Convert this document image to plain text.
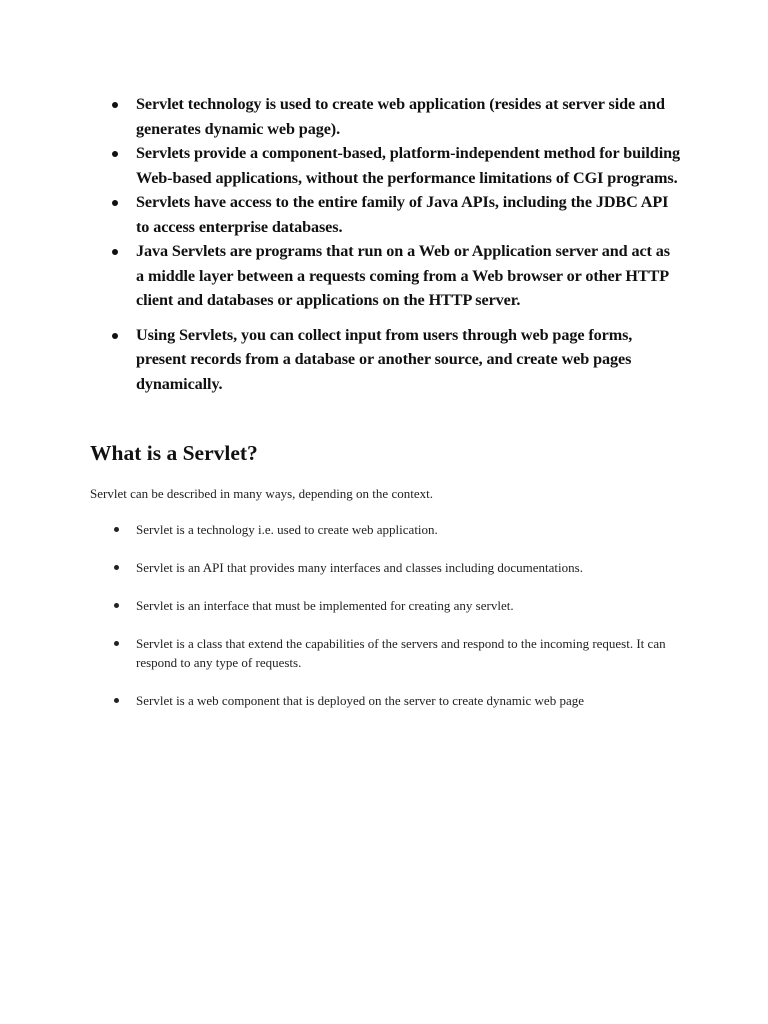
Servlet technology is used to create web application (resides at server side and generates dynamic web page).
Servlets provide a component-based, platform-independent method for building Web-based applications, without the performance limitations of CGI programs.
Servlets have access to the entire family of Java APIs, including the JDBC API to access enterprise databases.
Java Servlets are programs that run on a Web or Application server and act as a middle layer between a requests coming from a Web browser or other HTTP client and databases or applications on the HTTP server.
Using Servlets, you can collect input from users through web page forms, present records from a database or another source, and create web pages dynamically.
What is a Servlet?

Servlet can be described in many ways, depending on the context.

Servlet is a technology i.e. used to create web application.
Servlet is an API that provides many interfaces and classes including documentations.
Servlet is an interface that must be implemented for creating any servlet.
Servlet is a class that extend the capabilities of the servers and respond to the incoming request. It can respond to any type of requests.
Servlet is a web component that is deployed on the server to create dynamic web page
